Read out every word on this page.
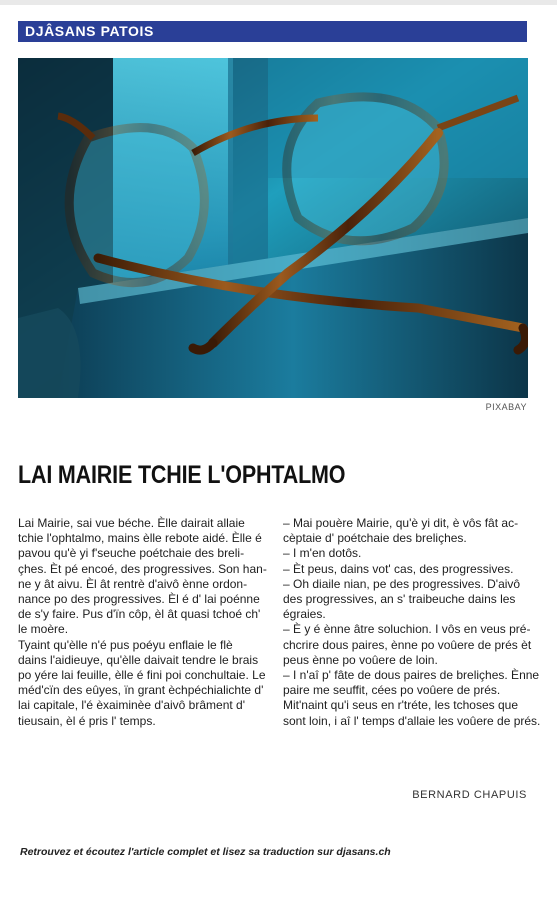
DJÂSANS PATOIS
PIXABAY
LAI MAIRIE TCHIE L'OPHTALMO

Lai Mairie, sai vue béche. Èlle dairait allaie

tchie l'ophtalmo, mains èlle rebote aidé. Èlle é

pavou qu'è yi f'seuche poétchaie des breli-

çhes. Èt pé encoé, des progressives. Son han-

ne y ât aivu. Èl ât rentrè d'aivô ènne ordon-

nance po des progressives. Èl é d' lai poénne

de s'y faire. Pus d'ïn côp, èl ât quasi tchoé ch'

le moère.

Tyaint qu'èlle n'é pus poéyu enflaie le flè

dains l'aidieuye, qu'èlle daivait tendre le brais

po yére lai feuille, èlle é fini poi conchultaie. Le

méd'cïn des eûyes, ïn grant èchpéchialichte d'

lai capitale, l'é èxaiminèe d'aivô brâment d'

tieusain, èl é pris l' temps.

– Mai pouère Mairie, qu'è yi dit, è vôs fât ac-

cèptaie d' poétchaie des breliçhes.

– I m'en dotôs.

– Èt peus, dains vot' cas, des progressives.

– Oh diaile nian, pe des progressives. D'aivô

des progressives, an s' traibeuche dains les

égraies.

– È y é ènne âtre soluchion. I vôs en veus pré-

chcrire dous paires, ènne po voûere de prés èt

peus ènne po voûere de loin.

– I n'aî p' fâte de dous paires de breliçhes. Ènne

paire me seuffit, cées po voûere de prés.

Mit'naint qu'i seus en r'tréte, les tchoses que

sont loin, i aî l' temps d'allaie les voûere de prés.

BERNARD CHAPUIS
Retrouvez et écoutez l'article complet et lisez sa traduction sur djasans.ch
